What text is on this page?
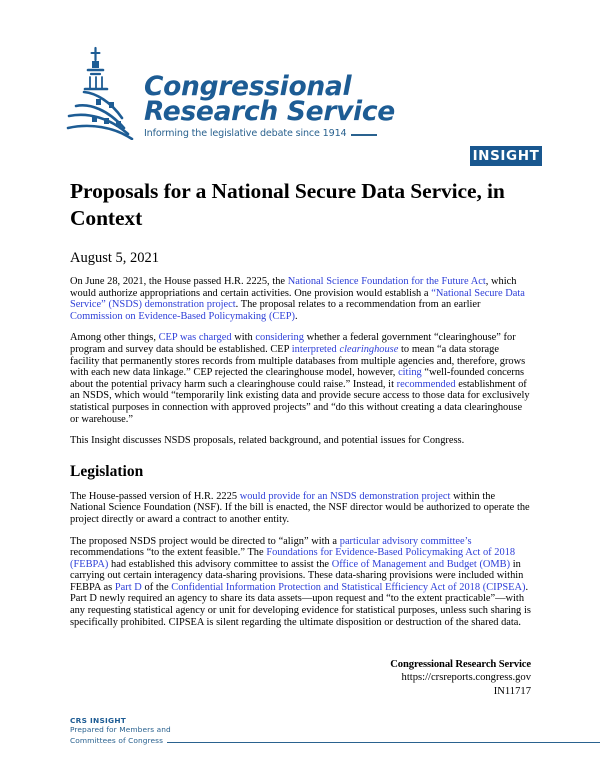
Congressional
Research Service
Informing the legislative debate since 1914
INSIGHT
Proposals for a National Secure Data Service, in Context
August 5, 2021

On June 28, 2021, the House passed H.R. 2225, the National Science Foundation for the Future Act, which would authorize appropriations and certain activities. One provision would establish a “National Secure Data Service” (NSDS) demonstration project. The proposal relates to a recommendation from an earlier Commission on Evidence-Based Policymaking (CEP).

Among other things, CEP was charged with considering whether a federal government “clearinghouse” for program and survey data should be established. CEP interpreted clearinghouse to mean “a data storage facility that permanently stores records from multiple databases from multiple agencies and, therefore, grows with each new data linkage.” CEP rejected the clearinghouse model, however, citing “well-founded concerns about the potential privacy harm such a clearinghouse could raise.” Instead, it recommended establishment of an NSDS, which would “temporarily link existing data and provide secure access to those data for exclusively statistical purposes in connection with approved projects” and “do this without creating a data clearinghouse or warehouse.”

This Insight discusses NSDS proposals, related background, and potential issues for Congress.

Legislation

The House-passed version of H.R. 2225 would provide for an NSDS demonstration project within the National Science Foundation (NSF). If the bill is enacted, the NSF director would be authorized to operate the project directly or award a contract to another entity.

The proposed NSDS project would be directed to “align” with a particular advisory committee’s recommendations “to the extent feasible.” The Foundations for Evidence-Based Policymaking Act of 2018 (FEBPA) had established this advisory committee to assist the Office of Management and Budget (OMB) in carrying out certain interagency data-sharing provisions. These data-sharing provisions were included within FEBPA as Part D of the Confidential Information Protection and Statistical Efficiency Act of 2018 (CIPSEA). Part D newly required an agency to share its data assets—upon request and “to the extent practicable”—with any requesting statistical agency or unit for developing evidence for statistical purposes, unless such sharing is specifically prohibited. CIPSEA is silent regarding the ultimate disposition or destruction of the shared data.

Congressional Research Service
https://crsreports.congress.gov
IN11717
CRS INSIGHT
Prepared for Members and
Committees of Congress
